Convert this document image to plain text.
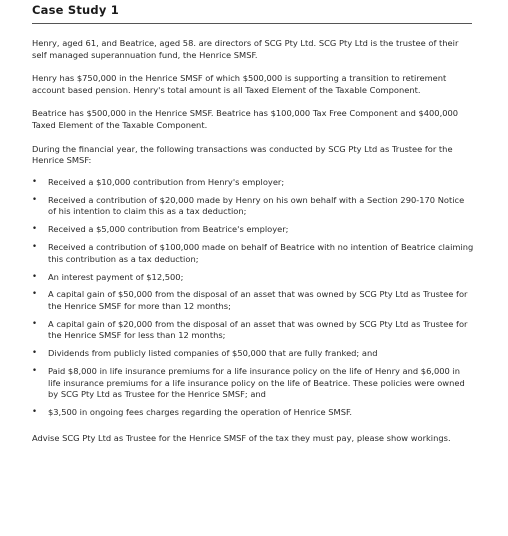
Case Study 1

Henry, aged 61, and Beatrice, aged 58. are directors of SCG Pty Ltd. SCG Pty Ltd is the trustee of their self managed superannuation fund, the Henrice SMSF.

Henry has $750,000 in the Henrice SMSF of which $500,000 is supporting a transition to retirement account based pension. Henry's total amount is all Taxed Element of the Taxable Component.

Beatrice has $500,000 in the Henrice SMSF. Beatrice has $100,000 Tax Free Component and $400,000 Taxed Element of the Taxable Component.

During the financial year, the following transactions was conducted by SCG Pty Ltd as Trustee for the Henrice SMSF:

• Received a $10,000 contribution from Henry's employer;
• Received a contribution of $20,000 made by Henry on his own behalf with a Section 290-170 Notice of his intention to claim this as a tax deduction;
• Received a $5,000 contribution from Beatrice's employer;
• Received a contribution of $100,000 made on behalf of Beatrice with no intention of Beatrice claiming this contribution as a tax deduction;
• An interest payment of $12,500;
• A capital gain of $50,000 from the disposal of an asset that was owned by SCG Pty Ltd as Trustee for the Henrice SMSF for more than 12 months;
• A capital gain of $20,000 from the disposal of an asset that was owned by SCG Pty Ltd as Trustee for the Henrice SMSF for less than 12 months;
• Dividends from publicly listed companies of $50,000 that are fully franked; and
• Paid $8,000 in life insurance premiums for a life insurance policy on the life of Henry and $6,000 in life insurance premiums for a life insurance policy on the life of Beatrice. These policies were owned by SCG Pty Ltd as Trustee for the Henrice SMSF; and
• $3,500 in ongoing fees charges regarding the operation of Henrice SMSF.

Advise SCG Pty Ltd as Trustee for the Henrice SMSF of the tax they must pay, please show workings.
